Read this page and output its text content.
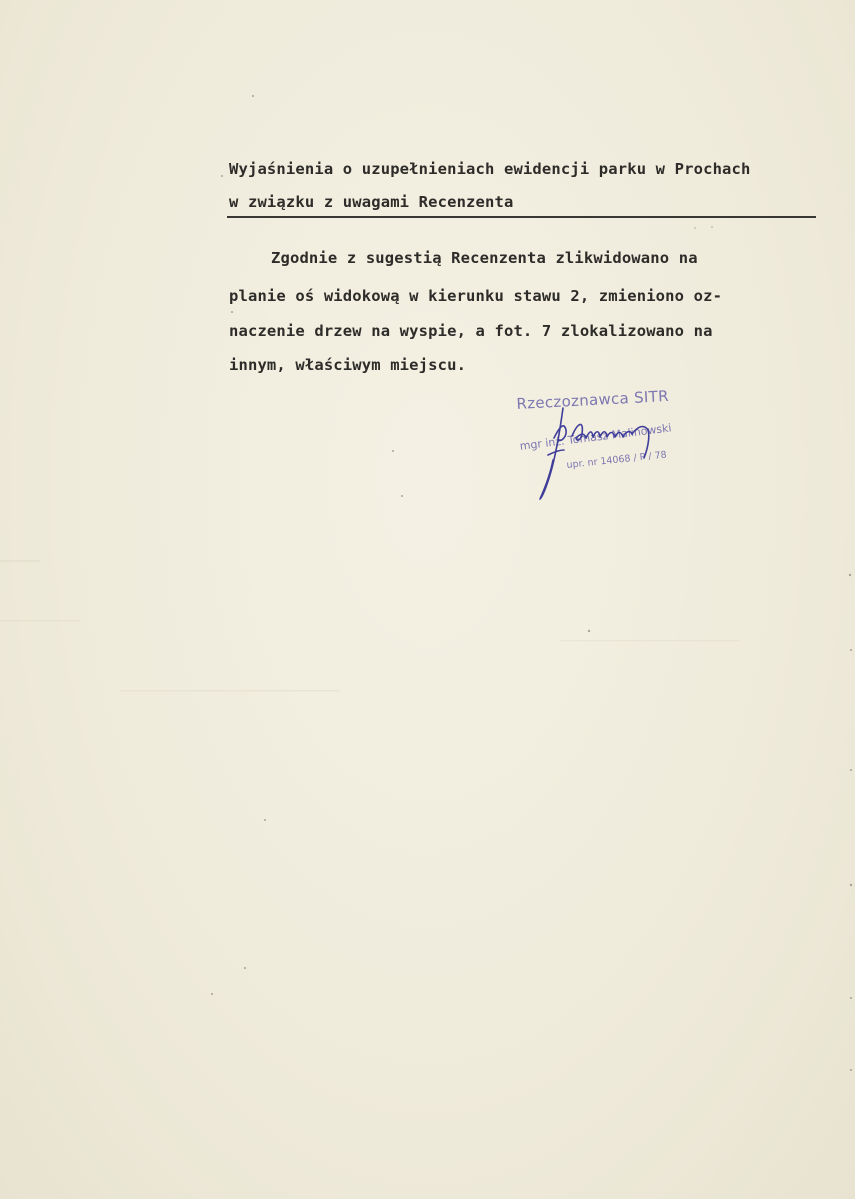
Wyjaśnienia o uzupełnieniach ewidencji parku w Prochach
w związku z uwagami Recenzenta
Zgodnie z sugestią Recenzenta zlikwidowano na
planie oś widokową w kierunku stawu 2, zmieniono oz-
naczenie drzew na wyspie, a fot. 7 zlokalizowano na
innym, właściwym miejscu.
Rzeczoznawca SITR
mgr inż. Tomasz Malinowski
upr. nr 14068 / P / 78
